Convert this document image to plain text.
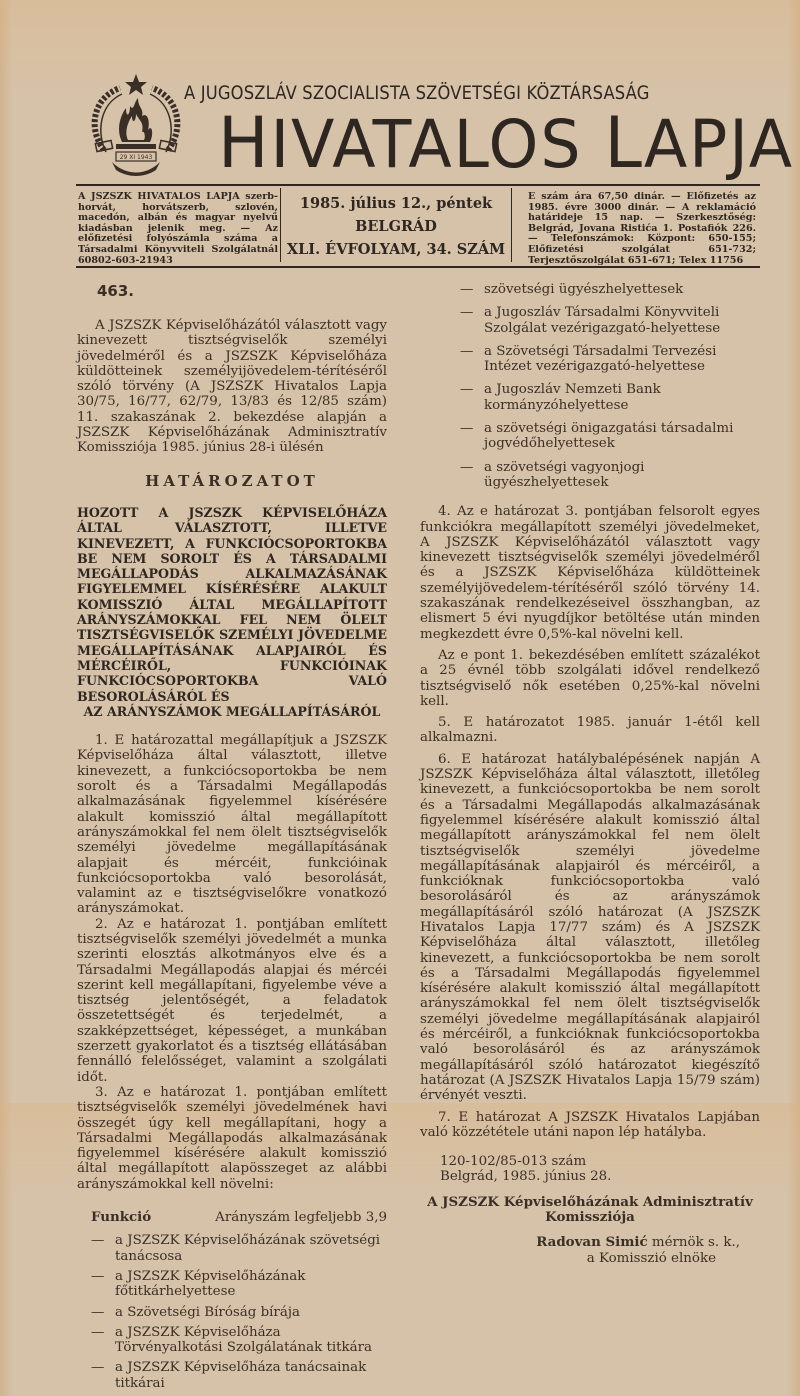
29 XI 1943
A JUGOSZLÁV SZOCIALISTA SZÖVETSÉGI KÖZTÁRSASÁG
HIVATALOS LAPJA
A JSZSZK HIVATALOS LAPJA szerb-horvát, horvátszerb, szlovén, macedón, albán és magyar nyelvű kiadásban jelenik meg. — Az előfizetési folyószámla száma a Társadalmi Könyvviteli Szolgálatnál 60802-603-21943
1985. július 12., péntek
BELGRÁD
XLI. ÉVFOLYAM, 34. SZÁM
E szám ára 67,50 dinár. — Előfizetés az 1985. évre 3000 dinár. — A reklamáció határideje 15 nap. — Szerkesztőség: Belgrád, Jovana Ristića 1. Postafiók 226. — Telefonszámok: Központ: 650-155; Előfizetési szolgálat 651-732; Terjesztőszolgálat 651-671; Telex 11756
463.

A JSZSZK Képviselőházától választott vagy kinevezett tisztségviselők személyi jövedelméről és a JSZSZK Képviselőháza küldötteinek személyijövedelem-térítéséről szóló törvény (A JSZSZK Hivatalos Lapja 30/75, 16/77, 62/79, 13/83 és 12/85 szám) 11. szakaszának 2. bekezdése alapján a JSZSZK Képviselőházának Adminisztratív Komissziója 1985. június 28-i ülésén

HATÁROZATOT

HOZOTT A JSZSZK KÉPVISELŐHÁZA ÁLTAL VÁLASZTOTT, ILLETVE KINEVEZETT, A FUNKCIÓCSOPORTOKBA BE NEM SOROLT ÉS A TÁRSADALMI MEGÁLLAPODÁS ALKALMAZÁSÁNAK FIGYELEMMEL KÍSÉRÉSÉRE ALAKULT KOMISSZIÓ ÁLTAL MEGÁLLAPÍTOTT ARÁNYSZÁMOKKAL FEL NEM ÖLELT TISZTSÉGVISELŐK SZEMÉLYI JÖVEDELME MEGÁLLAPÍTÁSÁNAK ALAPJAIRÓL ÉS MÉRCÉIRŐL, FUNKCIÓINAK FUNKCIÓCSOPORTOKBA VALÓ BESOROLÁSÁRÓL ÉS
AZ ARÁNYSZÁMOK MEGÁLLAPÍTÁSÁRÓL

1. E határozattal megállapítjuk a JSZSZK Képviselőháza által választott, illetve kinevezett, a funkciócsoportokba be nem sorolt és a Társadalmi Megállapodás alkalmazásának figyelemmel kísérésére alakult komisszió által megállapított arányszámokkal fel nem ölelt tisztségviselők személyi jövedelme megállapításának alapjait és mércéit, funkcióinak funkciócsoportokba való besorolását, valamint az e tisztségviselőkre vonatkozó arányszámokat.

2. Az e határozat 1. pontjában említett tisztségviselők személyi jövedelmét a munka szerinti elosztás alkotmányos elve és a Társadalmi Megállapodás alapjai és mércéi szerint kell megállapítani, figyelembe véve a tisztség jelentőségét, a feladatok összetettségét és terjedelmét, a szakképzettséget, képességet, a munkában szerzett gyakorlatot és a tisztség ellátásában fennálló felelősséget, valamint a szolgálati időt.

3. Az e határozat 1. pontjában említett tisztségviselők személyi jövedelmének havi összegét úgy kell megállapítani, hogy a Társadalmi Megállapodás alkalmazásának figyelemmel kísérésére alakult komisszió által megállapított alapösszeget az alábbi arányszámokkal kell növelni:

Funkció	Arányszám legfeljebb 3,9
— a JSZSZK Képviselőházának szövetségi tanácsosa
— a JSZSZK Képviselőházának főtitkárhelyettese
— a Szövetségi Bíróság bírája
— a JSZSZK Képviselőháza Törvényalkotási Szolgálatának titkára
— a JSZSZK Képviselőháza tanácsainak titkárai
— szövetségi ügyészhelyettesek
— a Jugoszláv Társadalmi Könyvviteli Szolgálat vezérigazgató-helyettese
— a Szövetségi Társadalmi Tervezési Intézet vezérigazgató-helyettese
— a Jugoszláv Nemzeti Bank kormányzóhelyettese
— a szövetségi önigazgatási társadalmi jogvédőhelyettesek
— a szövetségi vagyonjogi ügyészhelyettesek

4. Az e határozat 3. pontjában felsorolt egyes funkciókra megállapított személyi jövedelmeket, A JSZSZK Képviselőházától választott vagy kinevezett tisztségviselők személyi jövedelméről és a JSZSZK Képviselőháza küldötteinek személyijövedelem-térítéséről szóló törvény 14. szakaszának rendelkezéseivel összhangban, az elismert 5 évi nyugdíjkor betöltése után minden megkezdett évre 0,5%-kal növelni kell.

Az e pont 1. bekezdésében említett százalékot a 25 évnél több szolgálati idővel rendelkező tisztségviselő nők esetében 0,25%-kal növelni kell.

5. E határozatot 1985. január 1-étől kell alkalmazni.

6. E határozat hatálybalépésének napján A JSZSZK Képviselőháza által választott, illetőleg kinevezett, a funkciócsoportokba be nem sorolt és a Társadalmi Megállapodás alkalmazásának figyelemmel kísérésére alakult komisszió által megállapított arányszámokkal fel nem ölelt tisztségviselők személyi jövedelme megállapításának alapjairól és mércéiről, a funkcióknak funkciócsoportokba való besorolásáról és az arányszámok megállapításáról szóló határozat (A JSZSZK Hivatalos Lapja 17/77 szám) és A JSZSZK Képviselőháza által választott, illetőleg kinevezett, a funkciócsoportokba be nem sorolt és a Társadalmi Megállapodás figyelemmel kísérésére alakult komisszió által megállapított arányszámokkal fel nem ölelt tisztségviselők személyi jövedelme megállapításának alapjairól és mércéiről, a funkcióknak funkciócsoportokba való besorolásáról és az arányszámok megállapításáról szóló határozatot kiegészítő határozat (A JSZSZK Hivatalos Lapja 15/79 szám) érvényét veszti.

7. E határozat A JSZSZK Hivatalos Lapjában való közzététele utáni napon lép hatályba.

120-102/85-013 szám
Belgrád, 1985. június 28.
A JSZSZK Képviselőházának Adminisztratív Komissziója
Radovan Simić mérnök s. k.,
a Komisszió elnöke
